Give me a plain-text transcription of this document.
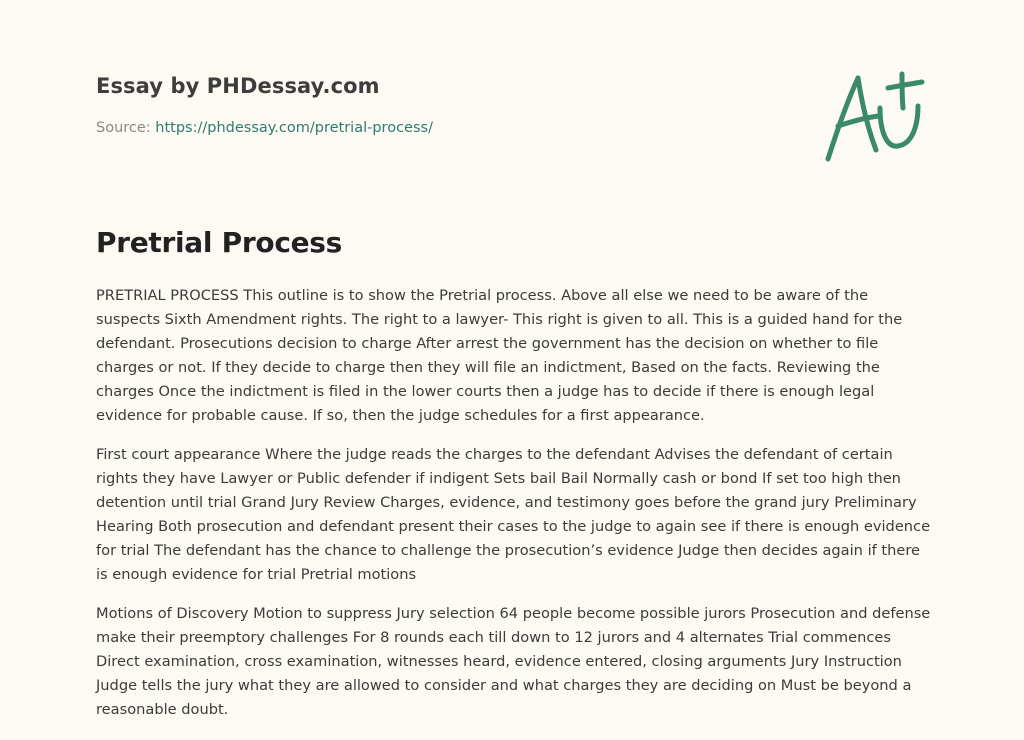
Essay by PHDessay.com
Source: https://phdessay.com/pretrial-process/
Pretrial Process

PRETRIAL PROCESS This outline is to show the Pretrial process. Above all else we need to be aware of the suspects Sixth Amendment rights. The right to a lawyer- This right is given to all. This is a guided hand for the defendant. Prosecutions decision to charge After arrest the government has the decision on whether to file charges or not. If they decide to charge then they will file an indictment, Based on the facts. Reviewing the charges Once the indictment is filed in the lower courts then a judge has to decide if there is enough legal evidence for probable cause. If so, then the judge schedules for a first appearance.

First court appearance Where the judge reads the charges to the defendant Advises the defendant of certain rights they have Lawyer or Public defender if indigent Sets bail Bail Normally cash or bond If set too high then detention until trial Grand Jury Review Charges, evidence, and testimony goes before the grand jury Preliminary Hearing Both prosecution and defendant present their cases to the judge to again see if there is enough evidence for trial The defendant has the chance to challenge the prosecution’s evidence Judge then decides again if there is enough evidence for trial Pretrial motions

Motions of Discovery Motion to suppress Jury selection 64 people become possible jurors Prosecution and defense make their preemptory challenges For 8 rounds each till down to 12 jurors and 4 alternates Trial commences Direct examination, cross examination, witnesses heard, evidence entered, closing arguments Jury Instruction Judge tells the jury what they are allowed to consider and what charges they are deciding on Must be beyond a reasonable doubt.
